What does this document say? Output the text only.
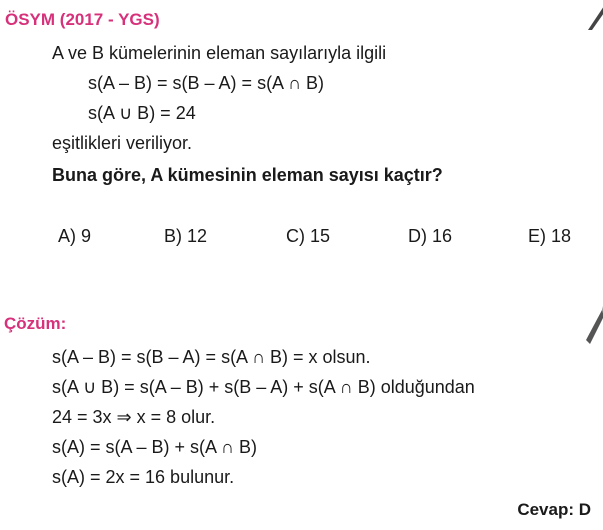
ÖSYM (2017 - YGS)
A ve B kümelerinin eleman sayılarıyla ilgili
s(A – B) = s(B – A) = s(A ∩ B)
s(A ∪ B) = 24
eşitlikleri veriliyor.
Buna göre, A kümesinin eleman sayısı kaçtır?
A) 9	B) 12	C) 15	D) 16	E) 18
Çözüm:
s(A – B) = s(B – A) = s(A ∩ B) = x olsun.
s(A ∪ B) = s(A – B) + s(B – A) + s(A ∩ B) olduğundan
24 = 3x ⇒ x = 8 olur.
s(A) = s(A – B) + s(A ∩ B)
s(A) = 2x = 16 bulunur.
Cevap: D
